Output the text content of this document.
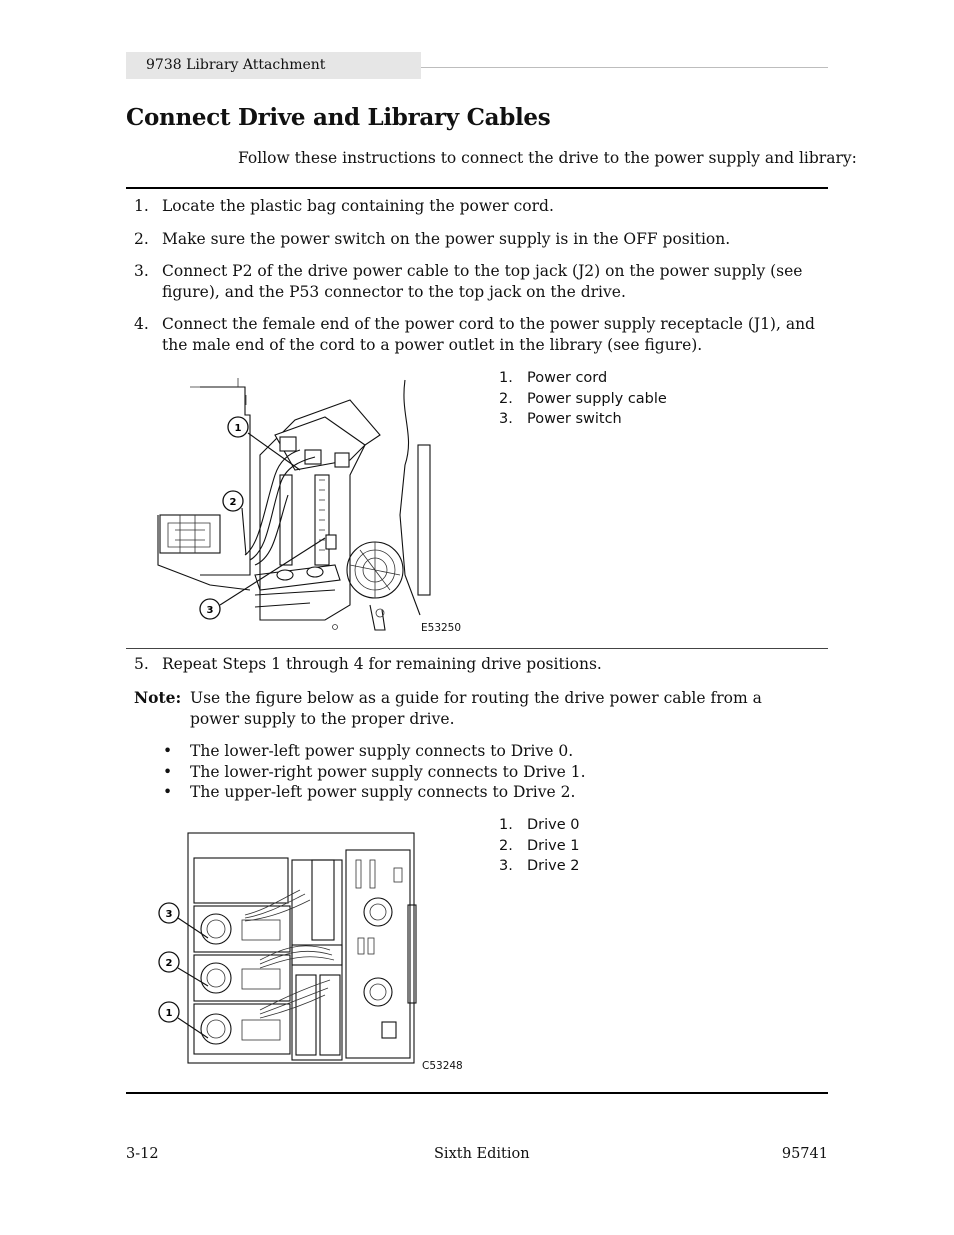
9738 Library Attachment
Connect Drive and Library Cables
Follow these instructions to connect the drive to the power supply and library:
1. Locate the plastic bag containing the power cord.
2. Make sure the power switch on the power supply is in the OFF position.
3. Connect P2 of the drive power cable to the top jack (J2) on the power supply (see figure), and the P53 connector to the top jack on the drive.
4. Connect the female end of the power cord to the power supply receptacle (J1), and the male end of the cord to a power outlet in the library (see figure).
1
2
3
1. Power cord
2. Power supply cable
3. Power switch
E53250
5. Repeat Steps 1 through 4 for remaining drive positions.
Note: Use the figure below as a guide for routing the drive power cable from a power supply to the proper drive.
• The lower-left power supply connects to Drive 0.
• The lower-right power supply connects to Drive 1.
• The upper-left power supply connects to Drive 2.
3
2
1
1. Drive 0
2. Drive 1
3. Drive 2
C53248
3-12	Sixth Edition	95741
